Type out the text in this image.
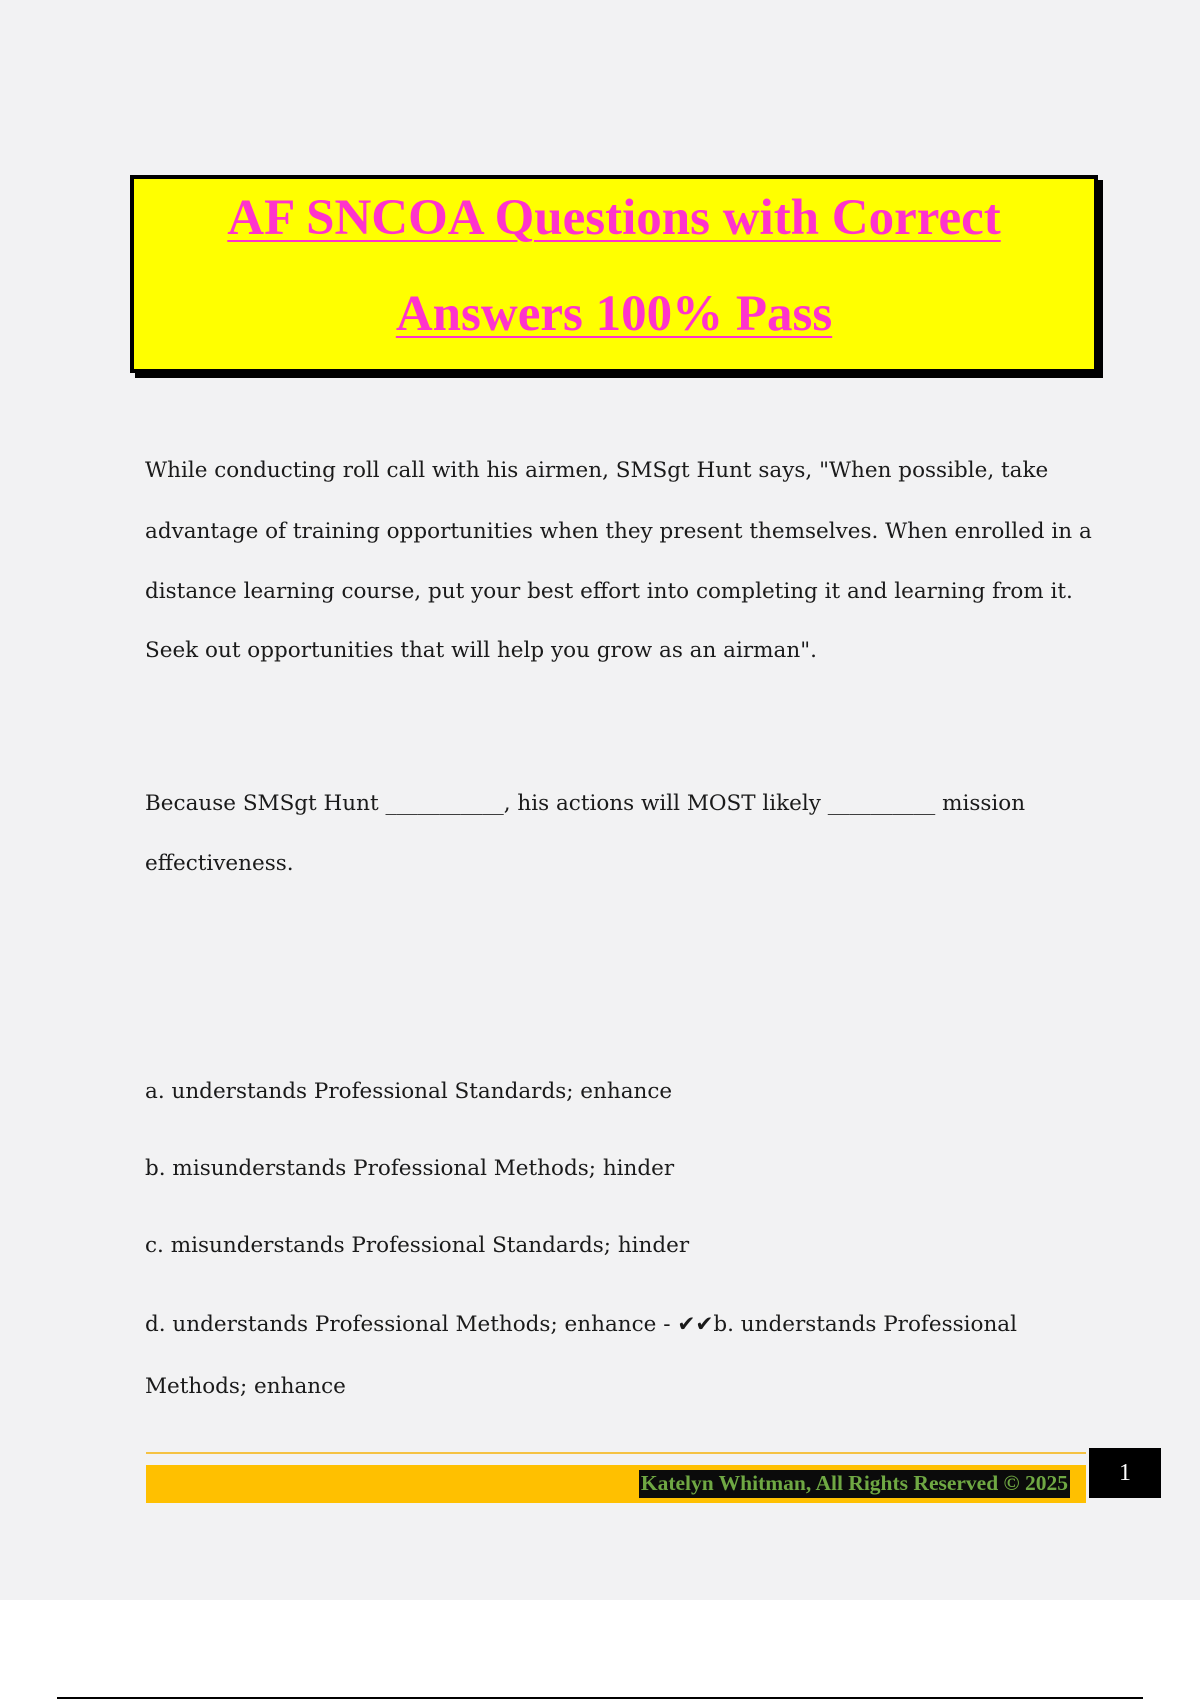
AF SNCOA Questions with Correct
Answers 100% Pass
While conducting roll call with his airmen, SMSgt Hunt says, "When possible, take
advantage of training opportunities when they present themselves. When enrolled in a
distance learning course, put your best effort into completing it and learning from it.
Seek out opportunities that will help you grow as an airman".
Because SMSgt Hunt ___________, his actions will MOST likely __________ mission
effectiveness.
a. understands Professional Standards; enhance
b. misunderstands Professional Methods; hinder
c. misunderstands Professional Standards; hinder
d. understands Professional Methods; enhance - ✔✔b. understands Professional
Methods; enhance
Katelyn Whitman, All Rights Reserved © 2025	1
